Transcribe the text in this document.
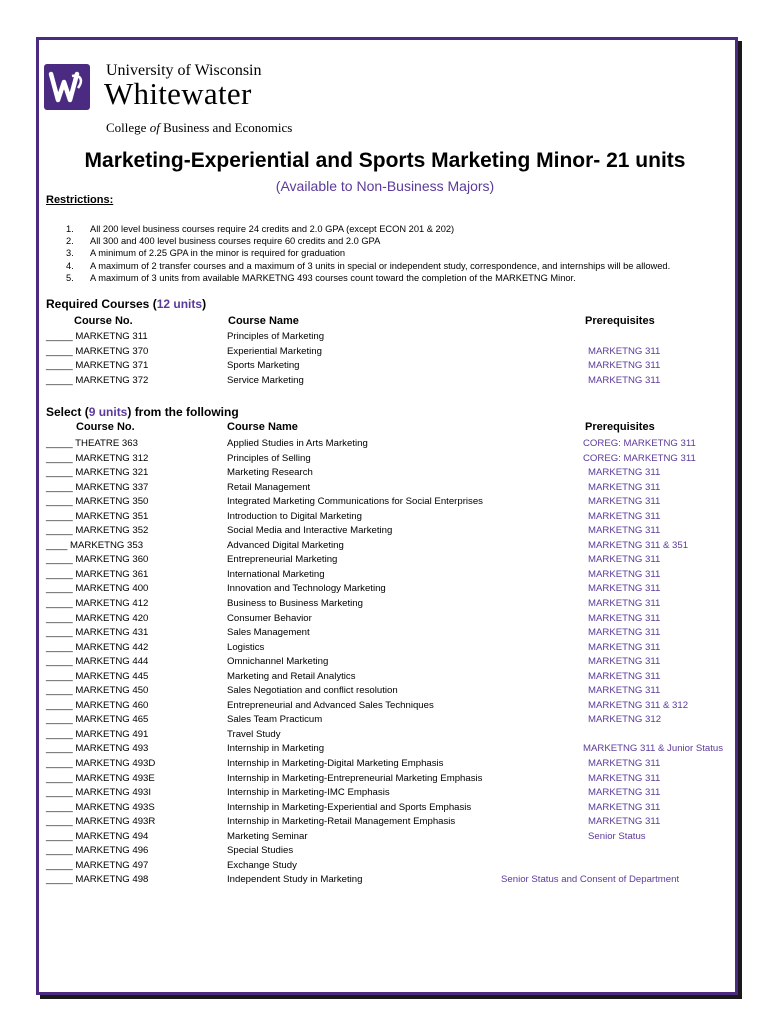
University of Wisconsin
Whitewater
College of Business and Economics
Marketing-Experiential and Sports Marketing Minor- 21 units
(Available to Non-Business Majors)
Restrictions:
1. All 200 level business courses require 24 credits and 2.0 GPA (except ECON 201 & 202)
2. All 300 and 400 level business courses require 60 credits and 2.0 GPA
3. A minimum of 2.25 GPA in the minor is required for graduation
4. A maximum of 2 transfer courses and a maximum of 3 units in special or independent study, correspondence, and internships will be allowed.
5. A maximum of 3 units from available MARKETNG 493 courses count toward the completion of the MARKETNG Minor.
Required Courses (12 units)
Course No.	Course Name	Prerequisites
_____ MARKETNG 311	Principles of Marketing
_____ MARKETNG 370	Experiential Marketing	MARKETNG 311
_____ MARKETNG 371	Sports Marketing	MARKETNG 311
_____ MARKETNG 372	Service Marketing	MARKETNG 311
Select (9 units) from the following
Course No.	Course Name	Prerequisites
_____ THEATRE 363	Applied Studies in Arts Marketing	COREG: MARKETNG 311
_____ MARKETNG 312	Principles of Selling	COREG: MARKETNG 311
_____ MARKETNG 321	Marketing Research	MARKETNG 311
_____ MARKETNG 337	Retail Management	MARKETNG 311
_____ MARKETNG 350	Integrated Marketing Communications for Social Enterprises	MARKETNG 311
_____ MARKETNG 351	Introduction to Digital Marketing	MARKETNG 311
_____ MARKETNG 352	Social Media and Interactive Marketing	MARKETNG 311
____ MARKETNG 353	Advanced Digital Marketing	MARKETNG 311 & 351
_____ MARKETNG 360	Entrepreneurial Marketing	MARKETNG 311
_____ MARKETNG 361	International Marketing	MARKETNG 311
_____ MARKETNG 400	Innovation and Technology Marketing	MARKETNG 311
_____ MARKETNG 412	Business to Business Marketing	MARKETNG 311
_____ MARKETNG 420	Consumer Behavior	MARKETNG 311
_____ MARKETNG 431	Sales Management	MARKETNG 311
_____ MARKETNG 442	Logistics	MARKETNG 311
_____ MARKETNG 444	Omnichannel Marketing	MARKETNG 311
_____ MARKETNG 445	Marketing and Retail Analytics	MARKETNG 311
_____ MARKETNG 450	Sales Negotiation and conflict resolution	MARKETNG 311
_____ MARKETNG 460	Entrepreneurial and Advanced Sales Techniques	MARKETNG 311 & 312
_____ MARKETNG 465	Sales Team Practicum	MARKETNG 312
_____ MARKETNG 491	Travel Study
_____ MARKETNG 493	Internship in Marketing	MARKETNG 311 & Junior Status
_____ MARKETNG 493D	Internship in Marketing-Digital Marketing Emphasis	MARKETNG 311
_____ MARKETNG 493E	Internship in Marketing-Entrepreneurial Marketing Emphasis	MARKETNG 311
_____ MARKETNG 493I	Internship in Marketing-IMC Emphasis	MARKETNG 311
_____ MARKETNG 493S	Internship in Marketing-Experiential and Sports Emphasis	MARKETNG 311
_____ MARKETNG 493R	Internship in Marketing-Retail Management Emphasis	MARKETNG 311
_____ MARKETNG 494	Marketing Seminar	Senior Status
_____ MARKETNG 496	Special Studies
_____ MARKETNG 497	Exchange Study
_____ MARKETNG 498	Independent Study in Marketing	Senior Status and Consent of Department
